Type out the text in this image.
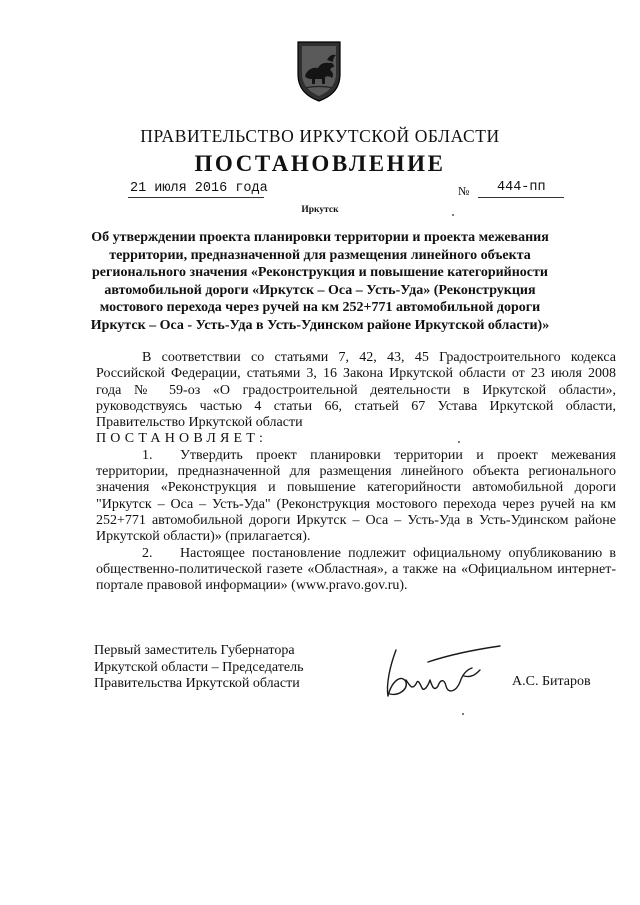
ПРАВИТЕЛЬСТВО ИРКУТСКОЙ ОБЛАСТИ
ПОСТАНОВЛЕНИЕ
21 июля 2016 года	№ 444-пп
Иркутск
Об утверждении проекта планировки территории и проекта межевания
территории, предназначенной для размещения линейного объекта
регионального значения «Реконструкция и повышение категорийности
автомобильной дороги «Иркутск – Оса – Усть-Уда» (Реконструкция
мостового перехода через ручей на км 252+771 автомобильной дороги
Иркутск – Оса - Усть-Уда в Усть-Удинском районе Иркутской области)»

В соответствии со статьями 7, 42, 43, 45 Градостроительного кодекса Российской Федерации, статьями 3, 16 Закона Иркутской области от 23 июля 2008 года № 59-оз «О градостроительной деятельности в Иркутской области», руководствуясь частью 4 статьи 66, статьей 67 Устава Иркутской области, Правительство Иркутской области

ПОСТАНОВЛЯЕТ:

1. Утвердить проект планировки территории и проект межевания территории, предназначенной для размещения линейного объекта регионального значения «Реконструкция и повышение категорийности автомобильной дороги "Иркутск – Оса – Усть-Уда" (Реконструкция мостового перехода через ручей на км 252+771 автомобильной дороги Иркутск – Оса – Усть-Уда в Усть-Удинском районе Иркутской области)» (прилагается).

2. Настоящее постановление подлежит официальному опубликованию в общественно-политической газете «Областная», а также на «Официальном интернет-портале правовой информации» (www.pravo.gov.ru).

Первый заместитель Губернатора
Иркутской области – Председатель
Правительства Иркутской области	А.С. Битаров
